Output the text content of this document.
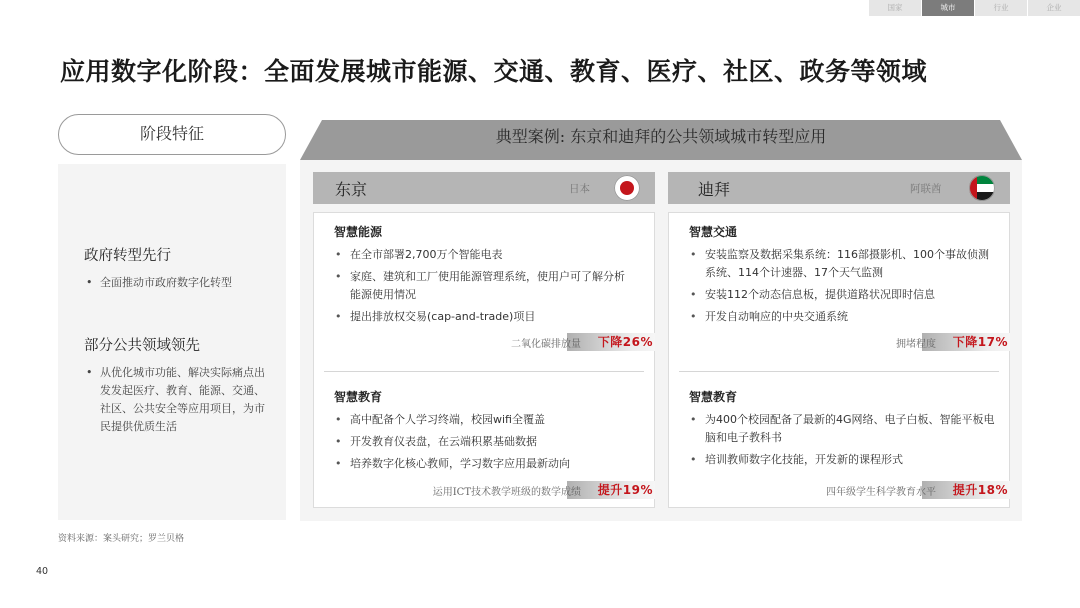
国家	城市	行业	企业
应用数字化阶段：全面发展城市能源、交通、教育、医疗、社区、政务等领域
阶段特征
政府转型先行
• 全面推动市政府数字化转型
部分公共领域领先
• 从优化城市功能、解决实际痛点出发发起医疗、教育、能源、交通、社区、公共安全等应用项目，为市民提供优质生活
典型案例: 东京和迪拜的公共领域城市转型应用
东京	日本
智慧能源
• 在全市部署2,700万个智能电表
• 家庭、建筑和工厂使用能源管理系统，使用户可了解分析能源使用情况
• 提出排放权交易(cap-and-trade)项目
二氧化碳排放量 下降26%
智慧教育
• 高中配备个人学习终端，校园wifi全覆盖
• 开发教育仪表盘，在云端积累基础数据
• 培养数字化核心教师，学习数字应用最新动向
运用ICT技术教学班级的数学成绩 提升19%
迪拜	阿联酋
智慧交通
• 安装监察及数据采集系统：116部摄影机、100个事故侦测系统、114个计速器、17个天气监测
• 安装112个动态信息板，提供道路状况即时信息
• 开发自动响应的中央交通系统
拥堵程度 下降17%
智慧教育
• 为400个校园配备了最新的4G网络、电子白板、智能平板电脑和电子教科书
• 培训教师数字化技能，开发新的课程形式
四年级学生科学教育水平 提升18%
资料来源：案头研究；罗兰贝格
40
